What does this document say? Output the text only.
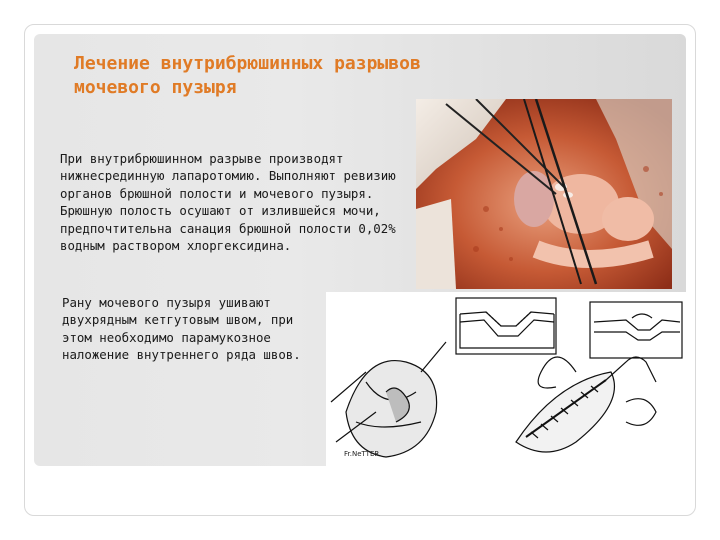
Лечение внутрибрюшинных разрывов
мочевого пузыря

При внутрибрюшинном разрыве производят нижнесрединную лапаротомию. Выполняют ревизию органов брюшной полости и мочевого пузыря. Брюшную полость осушают от излившейся мочи, предпочтительна санация брюшной полости 0,02% водным раствором хлоргексидина.

Рану мочевого пузыря ушивают двухрядным кетгутовым швом, при этом необходимо парамукозное наложение внутреннего ряда швов.

Fr.NeTTER
